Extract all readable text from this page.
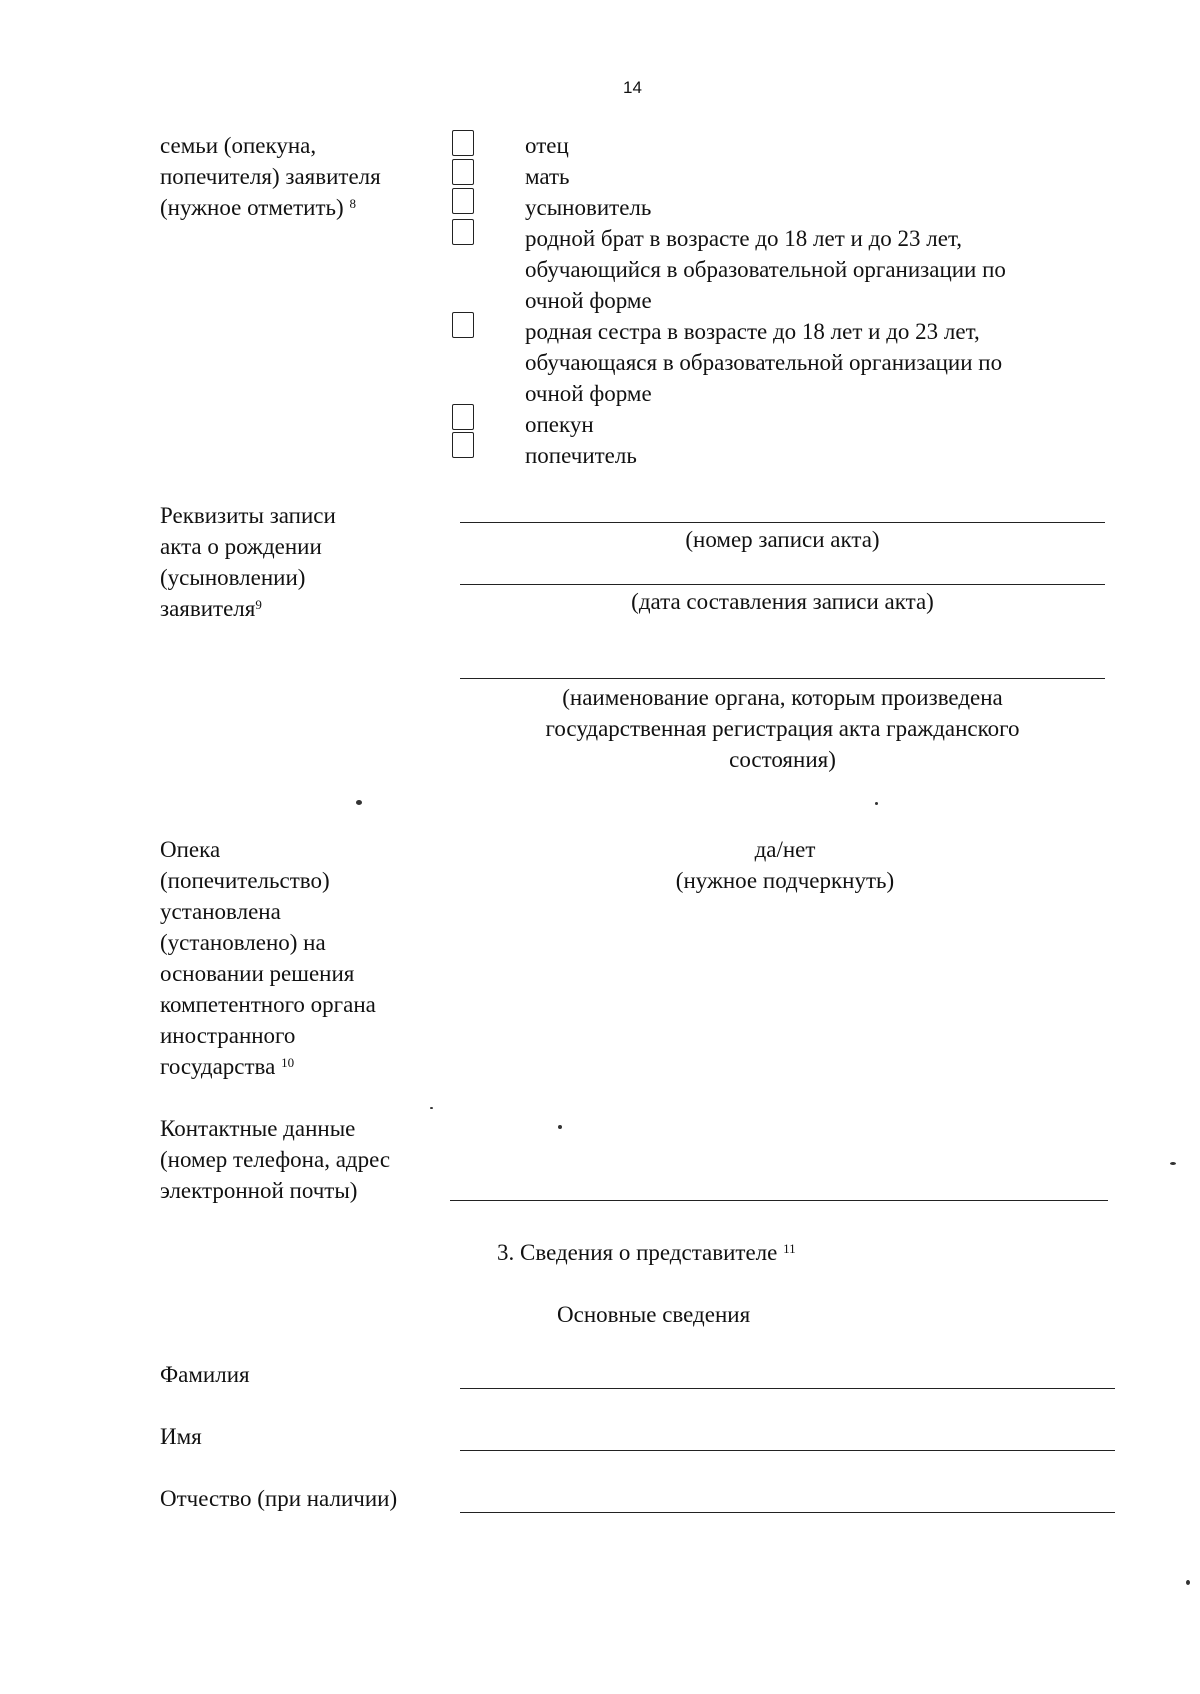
14
семьи (опекуна,
попечителя) заявителя
(нужное отметить) $^8$
отец
мать
усыновитель
родной брат в возрасте до 18 лет и до 23 лет,
обучающийся в образовательной организации по
очной форме
родная сестра в возрасте до 18 лет и до 23 лет,
обучающаяся в образовательной организации по
очной форме
опекун
попечитель
Реквизиты записи
акта о рождении
(усыновлении)
заявителя$^9$
(номер записи акта)
(дата составления записи акта)
(наименование органа, которым произведена
государственная регистрация акта гражданского
состояния)
Опека
(попечительство)
установлена
(установлено) на
основании решения
компетентного органа
иностранного
государства $^{10}$
да/нет
(нужное подчеркнуть)
Контактные данные
(номер телефона, адрес
электронной почты)
3. Сведения о представителе $^{11}$
Основные сведения
Фамилия
Имя
Отчество (при наличии)
